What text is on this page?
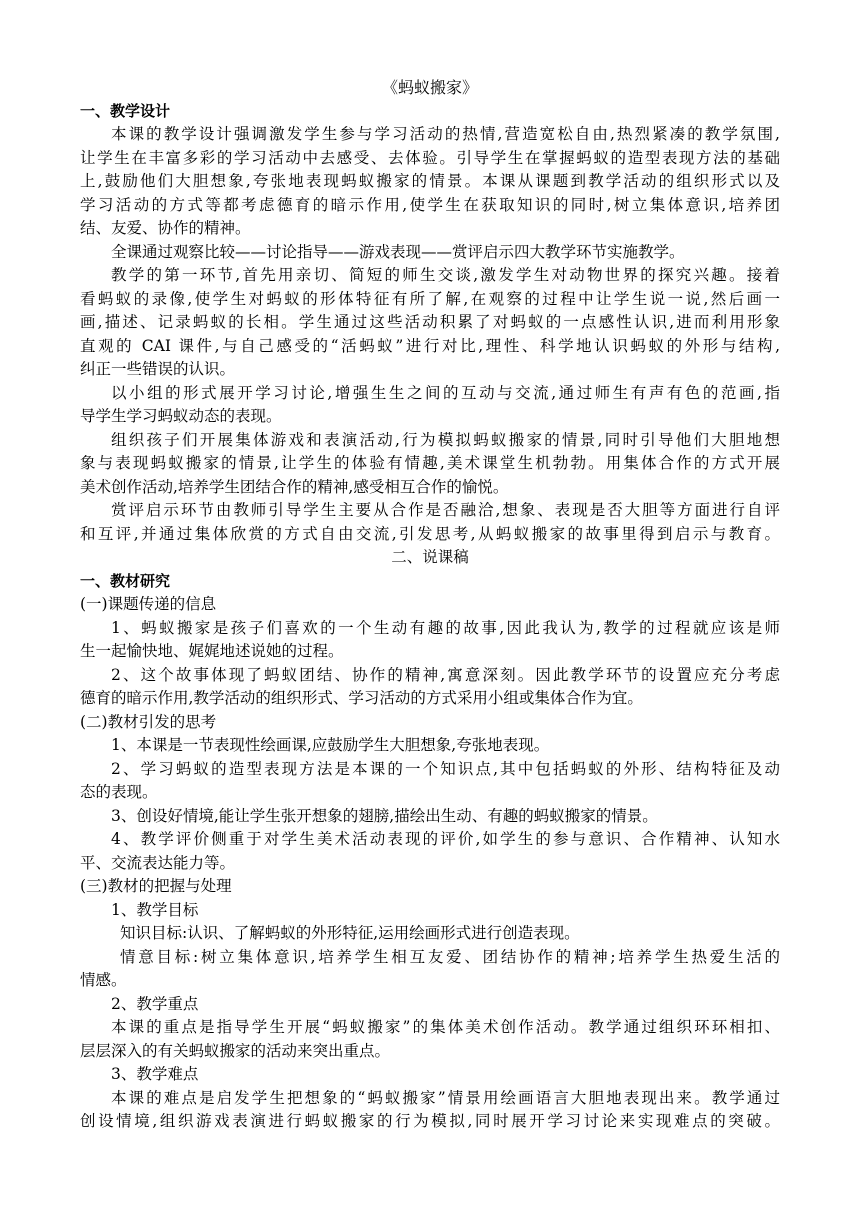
《蚂蚁搬家》
一、教学设计
本课的教学设计强调激发学生参与学习活动的热情,营造宽松自由,热烈紧凑的教学氛围,
让学生在丰富多彩的学习活动中去感受、去体验。引导学生在掌握蚂蚁的造型表现方法的基础
上,鼓励他们大胆想象,夸张地表现蚂蚁搬家的情景。本课从课题到教学活动的组织形式以及
学习活动的方式等都考虑德育的暗示作用,使学生在获取知识的同时,树立集体意识,培养团
结、友爱、协作的精神。
全课通过观察比较——讨论指导——游戏表现——赏评启示四大教学环节实施教学。
教学的第一环节,首先用亲切、简短的师生交谈,激发学生对动物世界的探究兴趣。接着
看蚂蚁的录像,使学生对蚂蚁的形体特征有所了解,在观察的过程中让学生说一说,然后画一
画,描述、记录蚂蚁的长相。学生通过这些活动积累了对蚂蚁的一点感性认识,进而利用形象
直观的 CAI 课件,与自己感受的“活蚂蚁”进行对比,理性、科学地认识蚂蚁的外形与结构,
纠正一些错误的认识。
以小组的形式展开学习讨论,增强生生之间的互动与交流,通过师生有声有色的范画,指
导学生学习蚂蚁动态的表现。
组织孩子们开展集体游戏和表演活动,行为模拟蚂蚁搬家的情景,同时引导他们大胆地想
象与表现蚂蚁搬家的情景,让学生的体验有情趣,美术课堂生机勃勃。用集体合作的方式开展
美术创作活动,培养学生团结合作的精神,感受相互合作的愉悦。
赏评启示环节由教师引导学生主要从合作是否融洽,想象、表现是否大胆等方面进行自评
和互评,并通过集体欣赏的方式自由交流,引发思考,从蚂蚁搬家的故事里得到启示与教育。
二、说课稿
一、教材研究
(一)课题传递的信息
1、蚂蚁搬家是孩子们喜欢的一个生动有趣的故事,因此我认为,教学的过程就应该是师
生一起愉快地、娓娓地述说她的过程。
2、这个故事体现了蚂蚁团结、协作的精神,寓意深刻。因此教学环节的设置应充分考虑
德育的暗示作用,教学活动的组织形式、学习活动的方式采用小组或集体合作为宜。
(二)教材引发的思考
1、本课是一节表现性绘画课,应鼓励学生大胆想象,夸张地表现。
2、学习蚂蚁的造型表现方法是本课的一个知识点,其中包括蚂蚁的外形、结构特征及动
态的表现。
3、创设好情境,能让学生张开想象的翅膀,描绘出生动、有趣的蚂蚁搬家的情景。
4、教学评价侧重于对学生美术活动表现的评价,如学生的参与意识、合作精神、认知水
平、交流表达能力等。
(三)教材的把握与处理
1、教学目标
知识目标:认识、了解蚂蚁的外形特征,运用绘画形式进行创造表现。
情意目标:树立集体意识,培养学生相互友爱、团结协作的精神;培养学生热爱生活的
情感。
2、教学重点
本课的重点是指导学生开展“蚂蚁搬家”的集体美术创作活动。教学通过组织环环相扣、
层层深入的有关蚂蚁搬家的活动来突出重点。
3、教学难点
本课的难点是启发学生把想象的“蚂蚁搬家”情景用绘画语言大胆地表现出来。教学通过
创设情境,组织游戏表演进行蚂蚁搬家的行为模拟,同时展开学习讨论来实现难点的突破。
